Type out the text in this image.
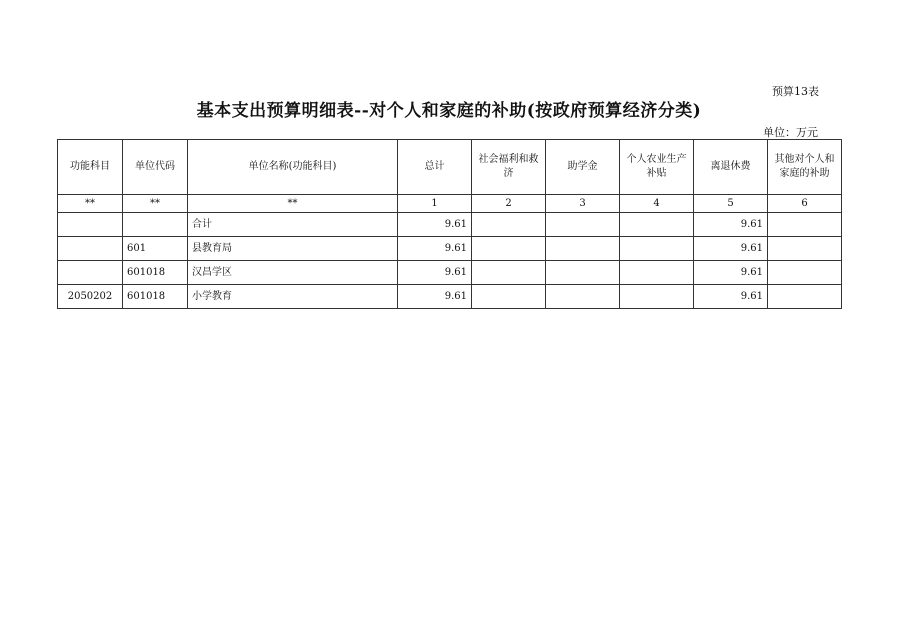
预算13表
基本支出预算明细表--对个人和家庭的补助(按政府预算经济分类)
单位：万元
功能科目	单位代码	单位名称(功能科目)	总计	社会福利和救济	助学金	个人农业生产补贴	离退休费	其他对个人和家庭的补助
**	**	**	1	2	3	4	5	6
		合计	9.61				9.61	
	601	县教育局	9.61				9.61	
	601018	汉昌学区	9.61				9.61	
2050202	601018	小学教育	9.61				9.61	
